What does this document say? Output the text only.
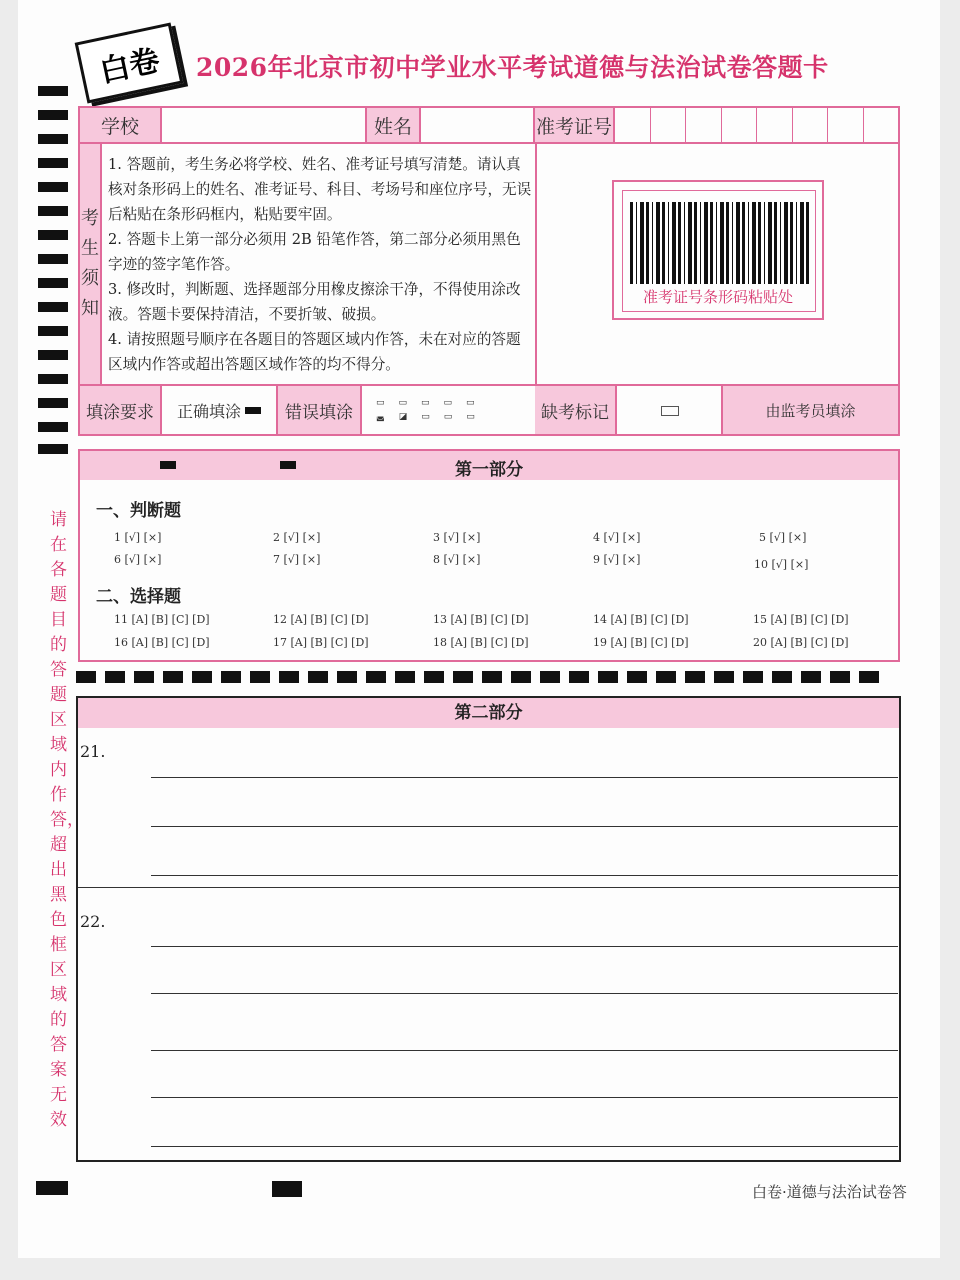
白卷	2026年北京市初中学业水平考试道德与法治试卷答题卡
学校	姓名	准考证号
考生须知

1. 答题前，考生务必将学校、姓名、准考证号填写清楚。请认真核对条形码上的姓名、准考证号、科目、考场号和座位序号，无误后粘贴在条形码框内，粘贴要牢固。

2. 答题卡上第一部分必须用 2B 铅笔作答，第二部分必须用黑色字迹的签字笔作答。

3. 修改时，判断题、选择题部分用橡皮擦涂干净，不得使用涂改液。答题卡要保持清洁，不要折皱、破损。

4. 请按照题号顺序在各题目的答题区域内作答，未在对应的答题区域内作答或超出答题区域作答的均不得分。

准考证号条形码粘贴处
填涂要求	正确填涂	错误填涂	▭▭▭▭▭
◛◪▭▭▭	缺考标记	由监考员填涂
第一部分
一、判断题
1 [√] [×]	2 [√] [×]	3 [√] [×]	4 [√] [×]	5 [√] [×]
6 [√] [×]	7 [√] [×]	8 [√] [×]	9 [√] [×]	10 [√] [×]
二、选择题
11 [A] [B] [C] [D]	12 [A] [B] [C] [D]	13 [A] [B] [C] [D]	14 [A] [B] [C] [D]	15 [A] [B] [C] [D]
16 [A] [B] [C] [D]	17 [A] [B] [C] [D]	18 [A] [B] [C] [D]	19 [A] [B] [C] [D]	20 [A] [B] [C] [D]
第二部分
21.
22.
请在各题目的答题区域内作答，超出黑色框区域的答案无效
白卷·道德与法治试卷答
